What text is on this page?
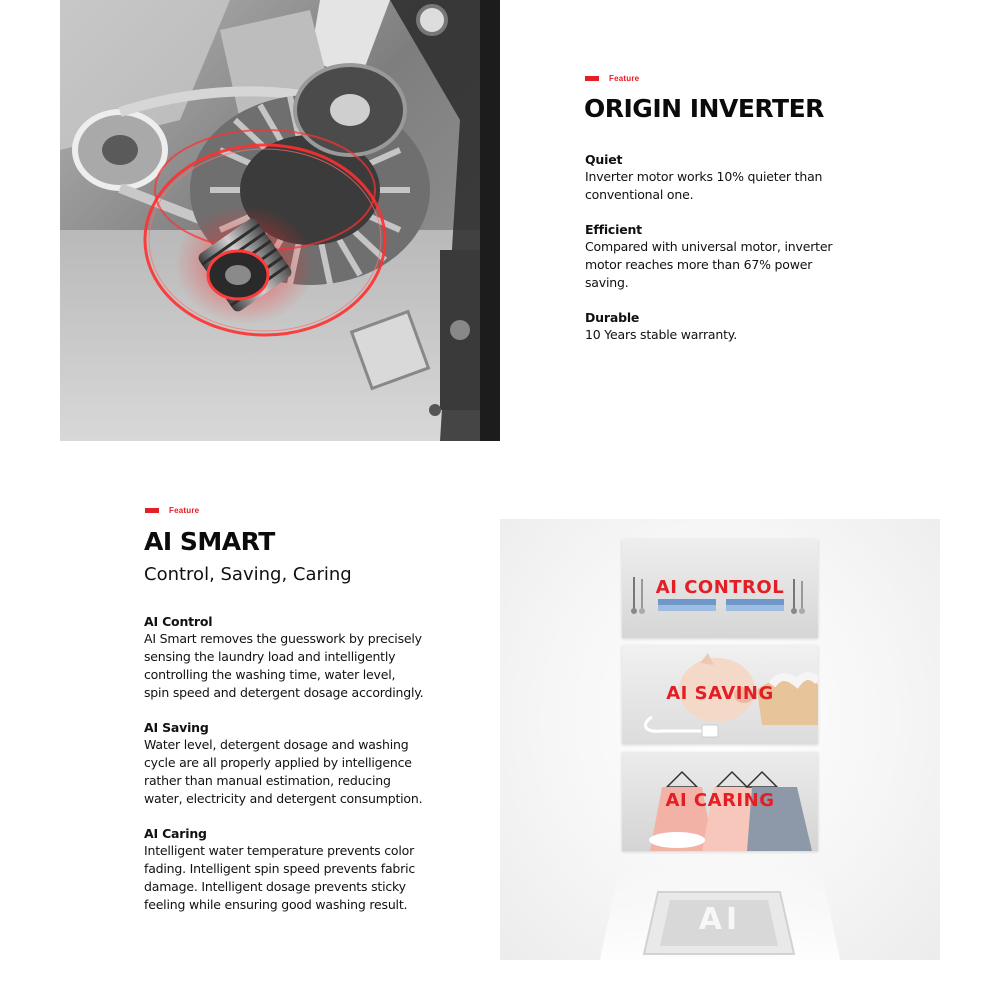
Feature
ORIGIN INVERTER
Quiet

Inverter motor works 10% quieter than conventional one.

Efficient

Compared with universal motor, inverter motor reaches more than 67% power saving.

Durable

10 Years stable warranty.

Feature
AI SMART
Control, Saving, Caring
AI Control

AI Smart removes the guesswork by precisely sensing the laundry load and intelligently controlling the washing time, water level, spin speed and detergent dosage accordingly.

AI Saving

Water level, detergent dosage and washing cycle are all properly applied by intelligence rather than manual estimation, reducing water, electricity and detergent consumption.

AI Caring

Intelligent water temperature prevents color fading. Intelligent spin speed prevents fabric damage. Intelligent dosage prevents sticky feeling while ensuring good washing result.

AI CONTROL
AI SAVING
AI CARING
AI
